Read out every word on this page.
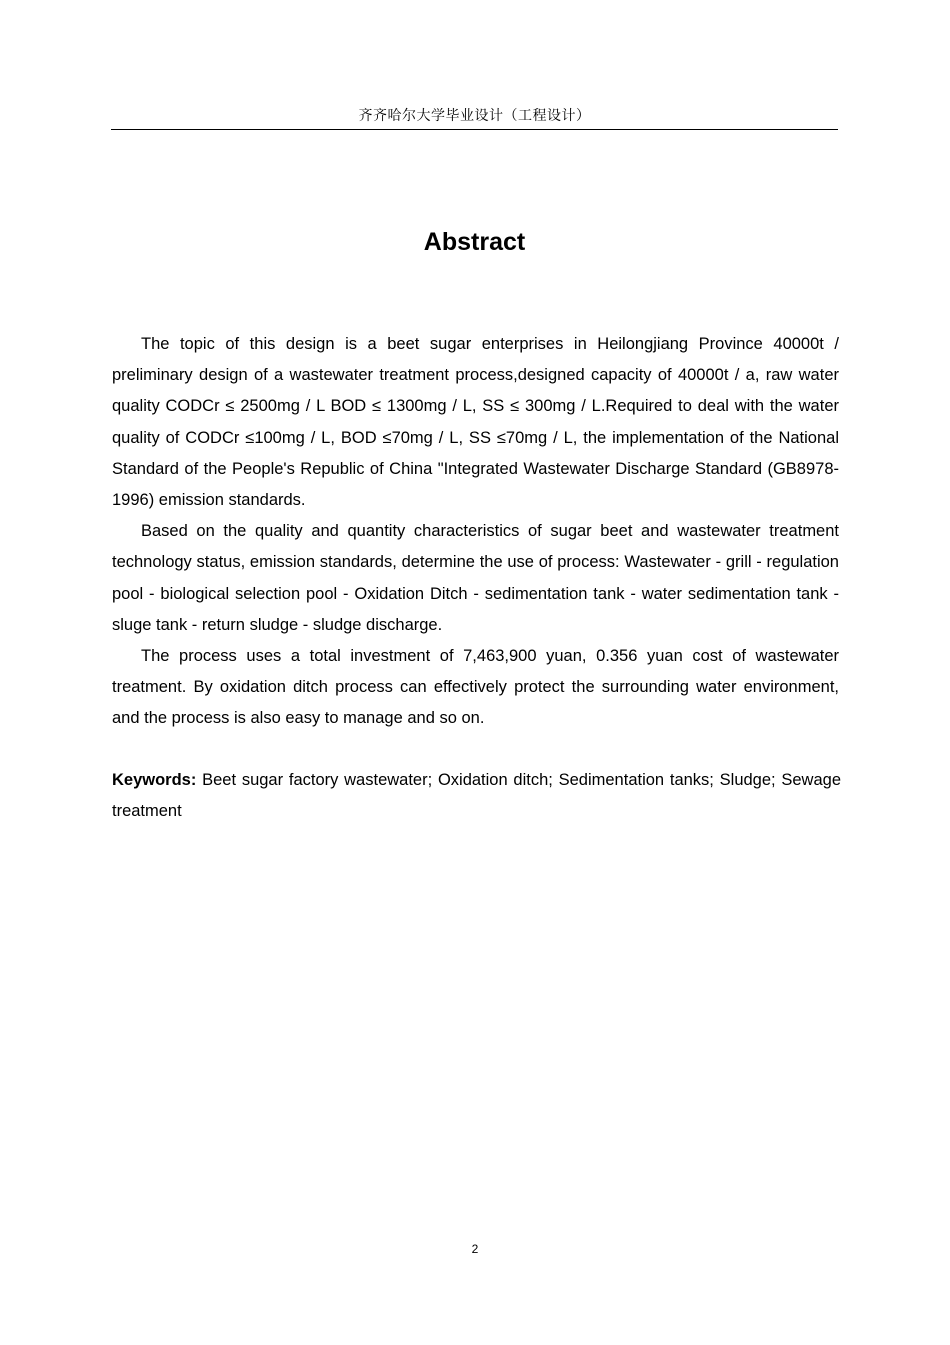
齐齐哈尔大学毕业设计（工程设计）
Abstract

The topic of this design is a beet sugar enterprises in Heilongjiang Province 40000t / preliminary design of a wastewater treatment process,designed capacity of 40000t / a, raw water quality CODCr ≤ 2500mg / L BOD ≤ 1300mg / L, SS ≤ 300mg / L.Required to deal with the water quality of CODCr ≤100mg / L, BOD ≤70mg / L, SS ≤70mg / L, the implementation of the National Standard of the People's Republic of China "Integrated Wastewater Discharge Standard (GB8978-1996) emission standards.

Based on the quality and quantity characteristics of sugar beet and wastewater treatment technology status, emission standards, determine the use of process: Wastewater - grill - regulation pool - biological selection pool - Oxidation Ditch - sedimentation tank - water sedimentation tank - sluge tank - return sludge - sludge discharge.

The process uses a total investment of 7,463,900 yuan, 0.356 yuan cost of wastewater treatment. By oxidation ditch process can effectively protect the surrounding water environment, and the process is also easy to manage and so on.

Keywords: Beet sugar factory wastewater; Oxidation ditch; Sedimentation tanks; Sludge; Sewage treatment
2
